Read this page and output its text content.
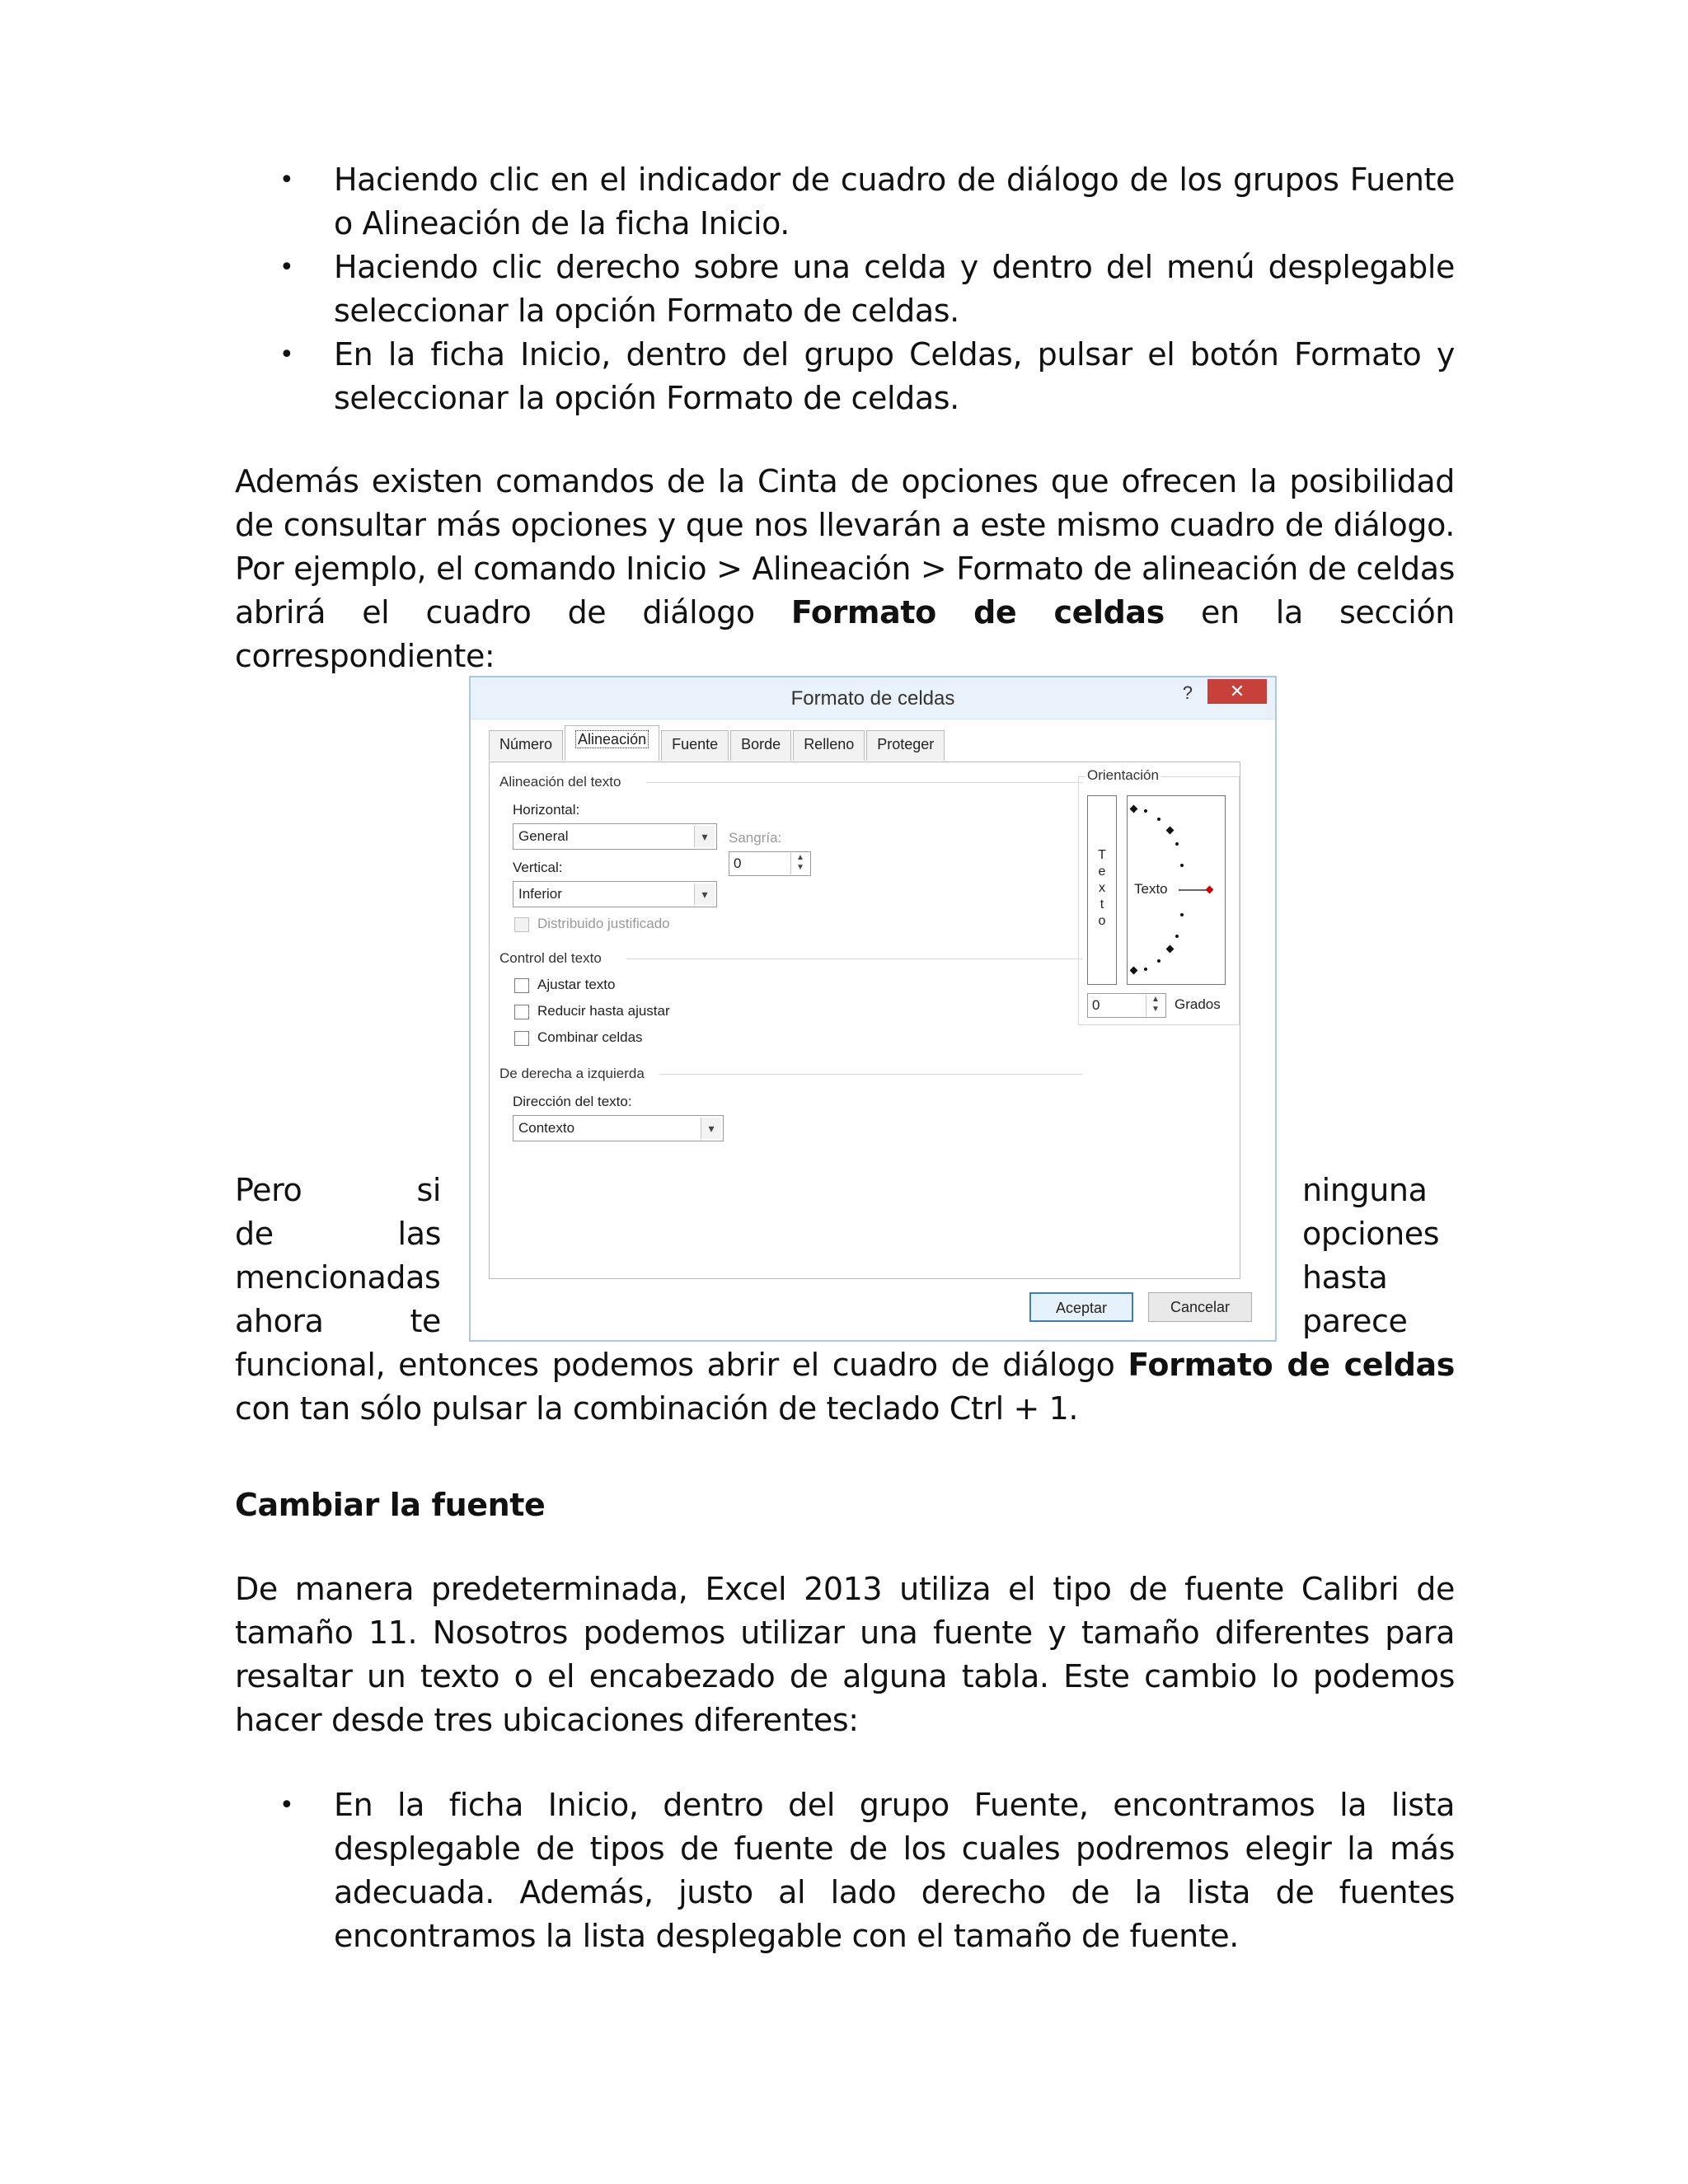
• Haciendo clic en el indicador de cuadro de diálogo de los grupos Fuente o Alineación de la ficha Inicio.
• Haciendo clic derecho sobre una celda y dentro del menú desplegable seleccionar la opción Formato de celdas.
• En la ficha Inicio, dentro del grupo Celdas, pulsar el botón Formato y seleccionar la opción Formato de celdas.

Además existen comandos de la Cinta de opciones que ofrecen la posibilidad de consultar más opciones y que nos llevarán a este mismo cuadro de diálogo. Por ejemplo, el comando Inicio > Alineación > Formato de alineación de celdas abrirá el cuadro de diálogo Formato de celdas en la sección correspondiente:

Formato de celdas	?	✕
Número	Alineación	Fuente	Borde	Relleno	Proteger
Alineación del texto
Horizontal:
General	▾	Sangría:
0	▲
▼
Vertical:
Inferior	▾
Distribuido justificado
Control del texto
Ajustar texto
Reducir hasta ajustar
Combinar celdas
De derecha a izquierda
Dirección del texto:
Contexto	▾
Orientación
T
e
x
t
o
Texto
0	▲
▼	Grados
Aceptar	Cancelar
Pero	si
de	las
mencionadas
ahora	te
ninguna
opciones
hasta
parece

funcional, entonces podemos abrir el cuadro de diálogo Formato de celdas con tan sólo pulsar la combinación de teclado Ctrl + 1.

Cambiar la fuente

De manera predeterminada, Excel 2013 utiliza el tipo de fuente Calibri de tamaño 11. Nosotros podemos utilizar una fuente y tamaño diferentes para resaltar un texto o el encabezado de alguna tabla. Este cambio lo podemos hacer desde tres ubicaciones diferentes:

• En la ficha Inicio, dentro del grupo Fuente, encontramos la lista desplegable de tipos de fuente de los cuales podremos elegir la más adecuada. Además, justo al lado derecho de la lista de fuentes encontramos la lista desplegable con el tamaño de fuente.
